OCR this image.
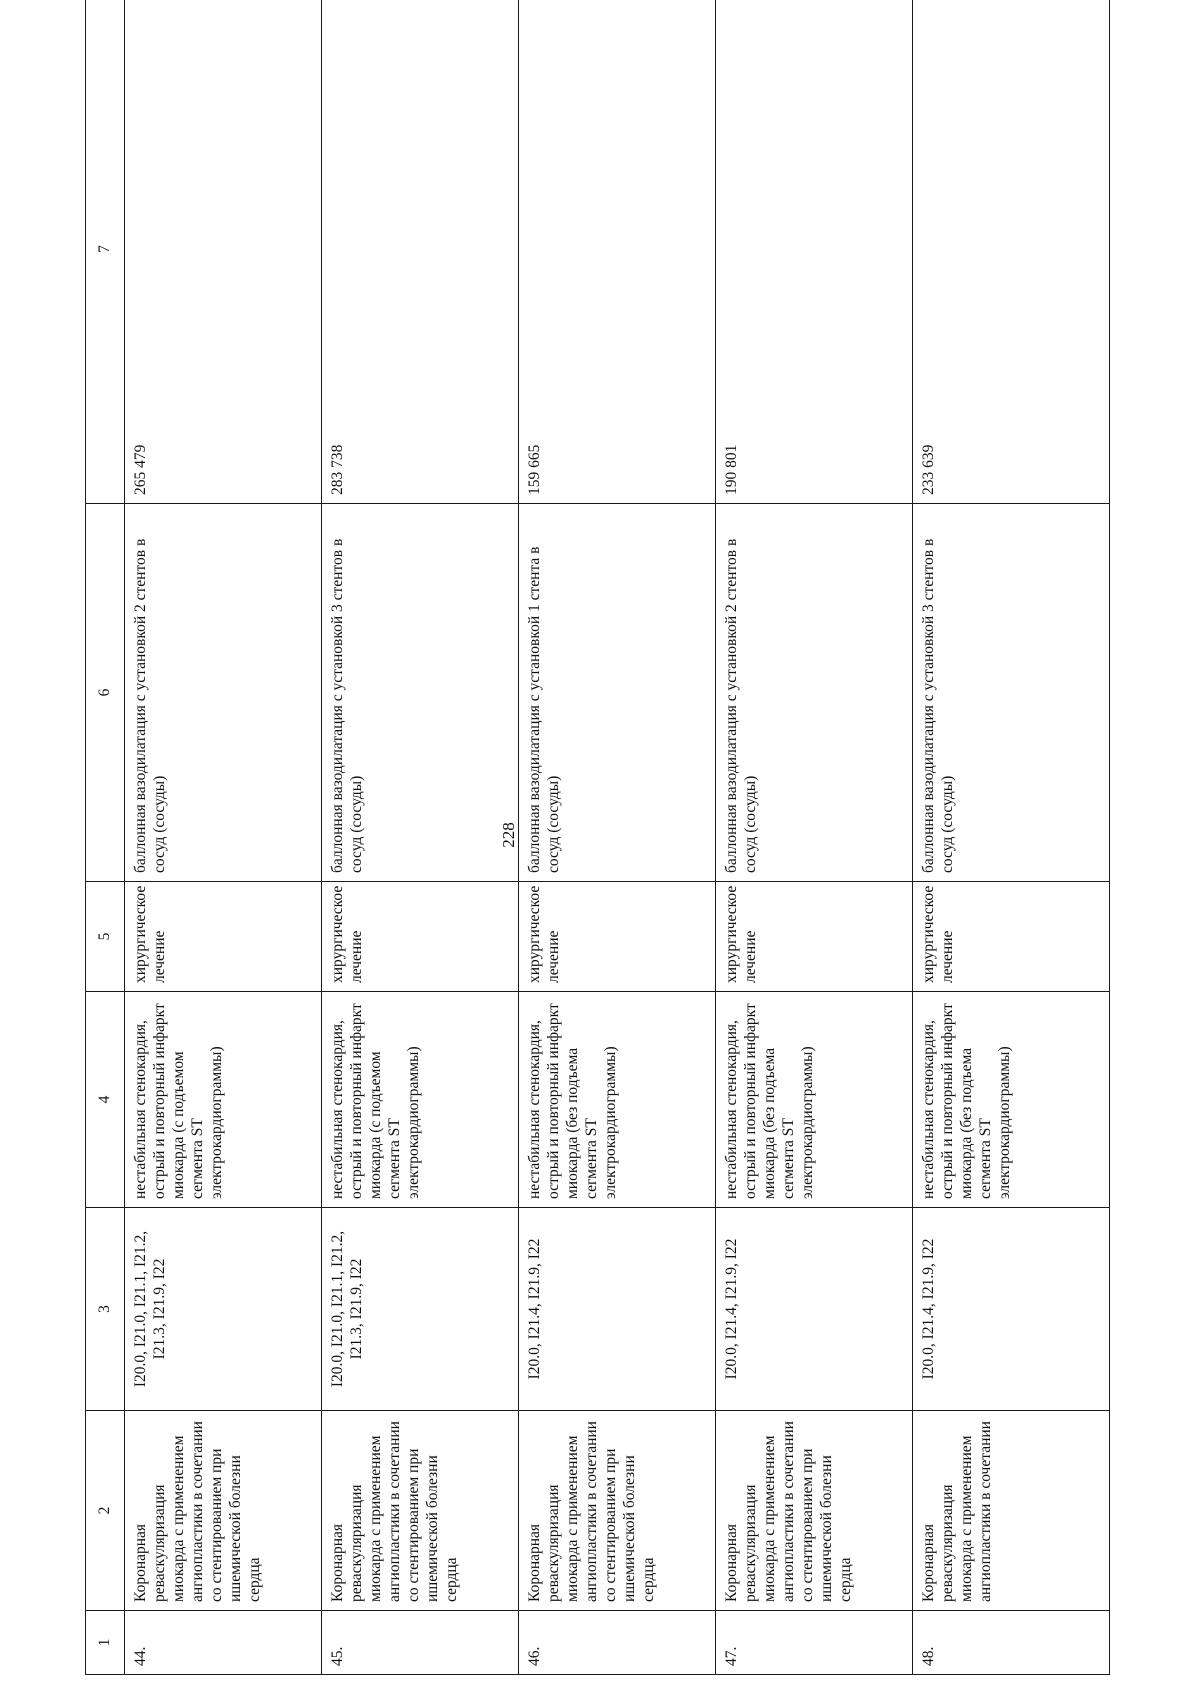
228
1	2	3	4	5	6	7
44.	Коронарная реваскуляризация миокарда с применением ангиопластики в сочетании со стентированием при ишемической болезни сердца	I20.0, I21.0, I21.1, I21.2, I21.3, I21.9, I22	нестабильная стенокардия, острый и повторный инфаркт миокарда (с подъемом сегмента ST электрокардиограммы)	хирургическое лечение	баллонная вазодилатация с установкой 2 стентов в сосуд (сосуды)	265 479
45.	Коронарная реваскуляризация миокарда с применением ангиопластики в сочетании со стентированием при ишемической болезни сердца	I20.0, I21.0, I21.1, I21.2, I21.3, I21.9, I22	нестабильная стенокардия, острый и повторный инфаркт миокарда (с подъемом сегмента ST электрокардиограммы)	хирургическое лечение	баллонная вазодилатация с установкой 3 стентов в сосуд (сосуды)	283 738
46.	Коронарная реваскуляризация миокарда с применением ангиопластики в сочетании со стентированием при ишемической болезни сердца	I20.0, I21.4, I21.9, I22	нестабильная стенокардия, острый и повторный инфаркт миокарда (без подъема сегмента ST электрокардиограммы)	хирургическое лечение	баллонная вазодилатация с установкой 1 стента в сосуд (сосуды)	159 665
47.	Коронарная реваскуляризация миокарда с применением ангиопластики в сочетании со стентированием при ишемической болезни сердца	I20.0, I21.4, I21.9, I22	нестабильная стенокардия, острый и повторный инфаркт миокарда (без подъема сегмента ST электрокардиограммы)	хирургическое лечение	баллонная вазодилатация с установкой 2 стентов в сосуд (сосуды)	190 801
48.	Коронарная реваскуляризация миокарда с применением ангиопластики в сочетании	I20.0, I21.4, I21.9, I22	нестабильная стенокардия, острый и повторный инфаркт миокарда (без подъема сегмента ST электрокардиограммы)	хирургическое лечение	баллонная вазодилатация с установкой 3 стентов в сосуд (сосуды)	233 639
